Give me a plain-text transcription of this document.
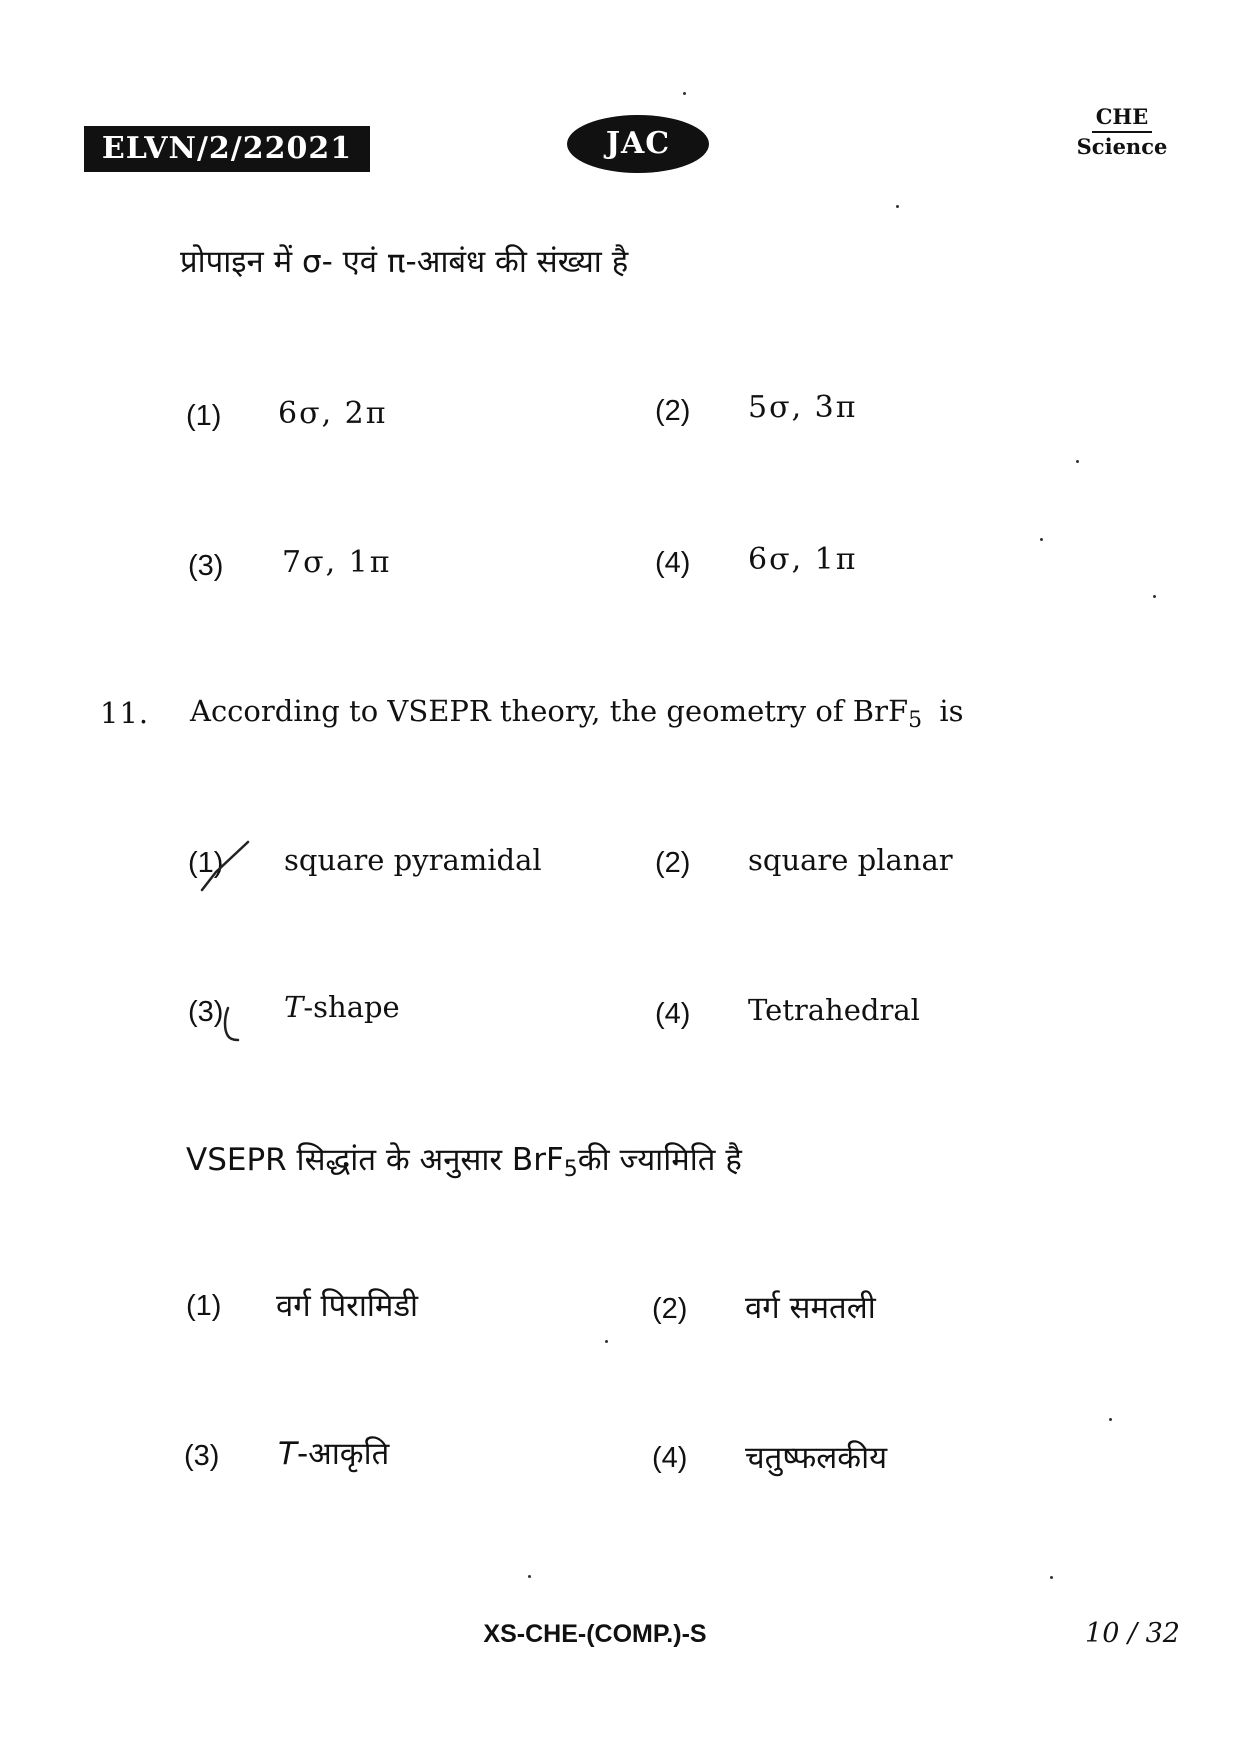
ELVN/2/22021	JAC
CHE
Science
प्रोपाइन में σ- एवं π-आबंध की संख्या है
(1) 6σ, 2π	(2) 5σ, 3π
(3) 7σ, 1π	(4) 6σ, 1π
11. According to VSEPR theory, the geometry of BrF$_5$ is
(1) square pyramidal	(2) square planar
(3) T-shape	(4) Tetrahedral
VSEPR सिद्धांत के अनुसार BrF$_5$की ज्यामिति है
(1) वर्ग पिरामिडी	(2) वर्ग समतली
(3) T-आकृति	(4) चतुष्फलकीय
XS-CHE-(COMP.)-S	10 / 32
